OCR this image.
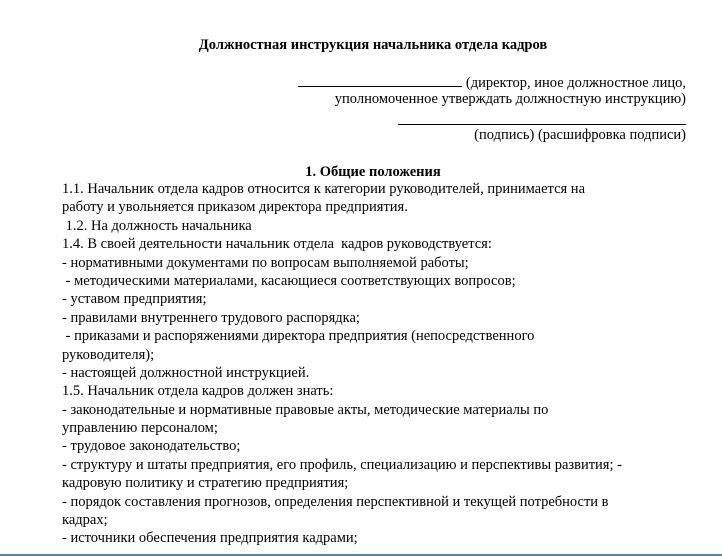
Должностная инструкция начальника отдела кадров
(директор, иное должностное лицо,
уполномоченное утверждать должностную инструкцию)
(подпись) (расшифровка подписи)
1. Общие положения
1.1. Начальник отдела кадров относится к категории руководителей, принимается на
работу и увольняется приказом директора предприятия.
1.2. На должность начальника
1.4. В своей деятельности начальник отдела  кадров руководствуется:
- нормативными документами по вопросам выполняемой работы;
- методическими материалами, касающиеся соответствующих вопросов;
- уставом предприятия;
- правилами внутреннего трудового распорядка;
- приказами и распоряжениями директора предприятия (непосредственного
руководителя);
- настоящей должностной инструкцией.
1.5. Начальник отдела кадров должен знать:
- законодательные и нормативные правовые акты, методические материалы по
управлению персоналом;
- трудовое законодательство;
- структуру и штаты предприятия, его профиль, специализацию и перспективы развития; -
кадровую политику и стратегию предприятия;
- порядок составления прогнозов, определения перспективной и текущей потребности в
кадрах;
- источники обеспечения предприятия кадрами;
